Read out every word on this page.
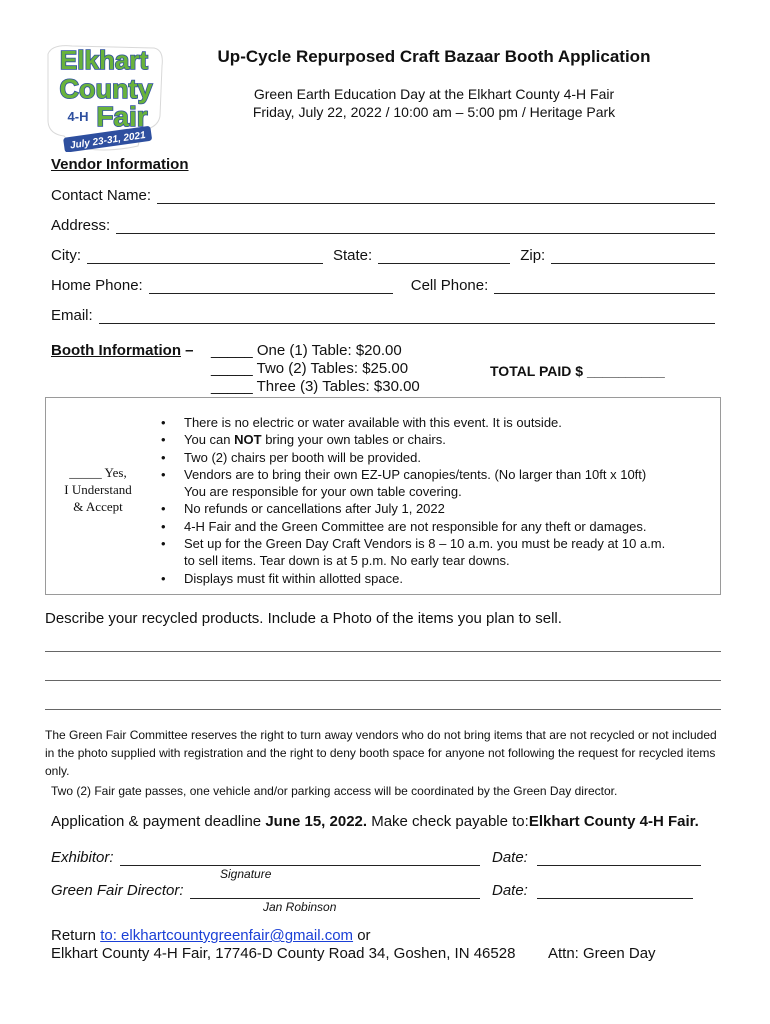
Elkhart
County
4-H Fair
July 23-31, 2021
Up-Cycle Repurposed Craft Bazaar Booth Application
Green Earth Education Day at the Elkhart County 4-H Fair
Friday, July 22, 2022 / 10:00 am – 5:00 pm / Heritage Park
Vendor Information
Contact Name:
Address:
City:	State:	Zip:
Home Phone:	Cell Phone:
Email:
Booth Information – _____ One (1) Table: $20.00
_____ Two (2) Tables: $25.00
_____ Three (3) Tables: $30.00
TOTAL PAID $ __________
_____ Yes,
I Understand
& Accept
• There is no electric or water available with this event. It is outside.
• You can NOT bring your own tables or chairs.
• Two (2) chairs per booth will be provided.
• Vendors are to bring their own EZ-UP canopies/tents. (No larger than 10ft x 10ft)
You are responsible for your own table covering.
• No refunds or cancellations after July 1, 2022
• 4-H Fair and the Green Committee are not responsible for any theft or damages.
• Set up for the Green Day Craft Vendors is 8 – 10 a.m. you must be ready at 10 a.m.
to sell items. Tear down is at 5 p.m. No early tear downs.
• Displays must fit within allotted space.
Describe your recycled products. Include a Photo of the items you plan to sell.
The Green Fair Committee reserves the right to turn away vendors who do not bring items that are not recycled or not included in the photo supplied with registration and the right to deny booth space for anyone not following the request for recycled items only.
Two (2) Fair gate passes, one vehicle and/or parking access will be coordinated by the Green Day director.
Application & payment deadline June 15, 2022. Make check payable to:Elkhart County 4-H Fair.
Exhibitor:	Date:
Signature
Green Fair Director:	Date:
Jan Robinson
Return to: elkhartcountygreenfair@gmail.com or
Elkhart County 4-H Fair, 17746-D County Road 34, Goshen, IN 46528 Attn: Green Day
